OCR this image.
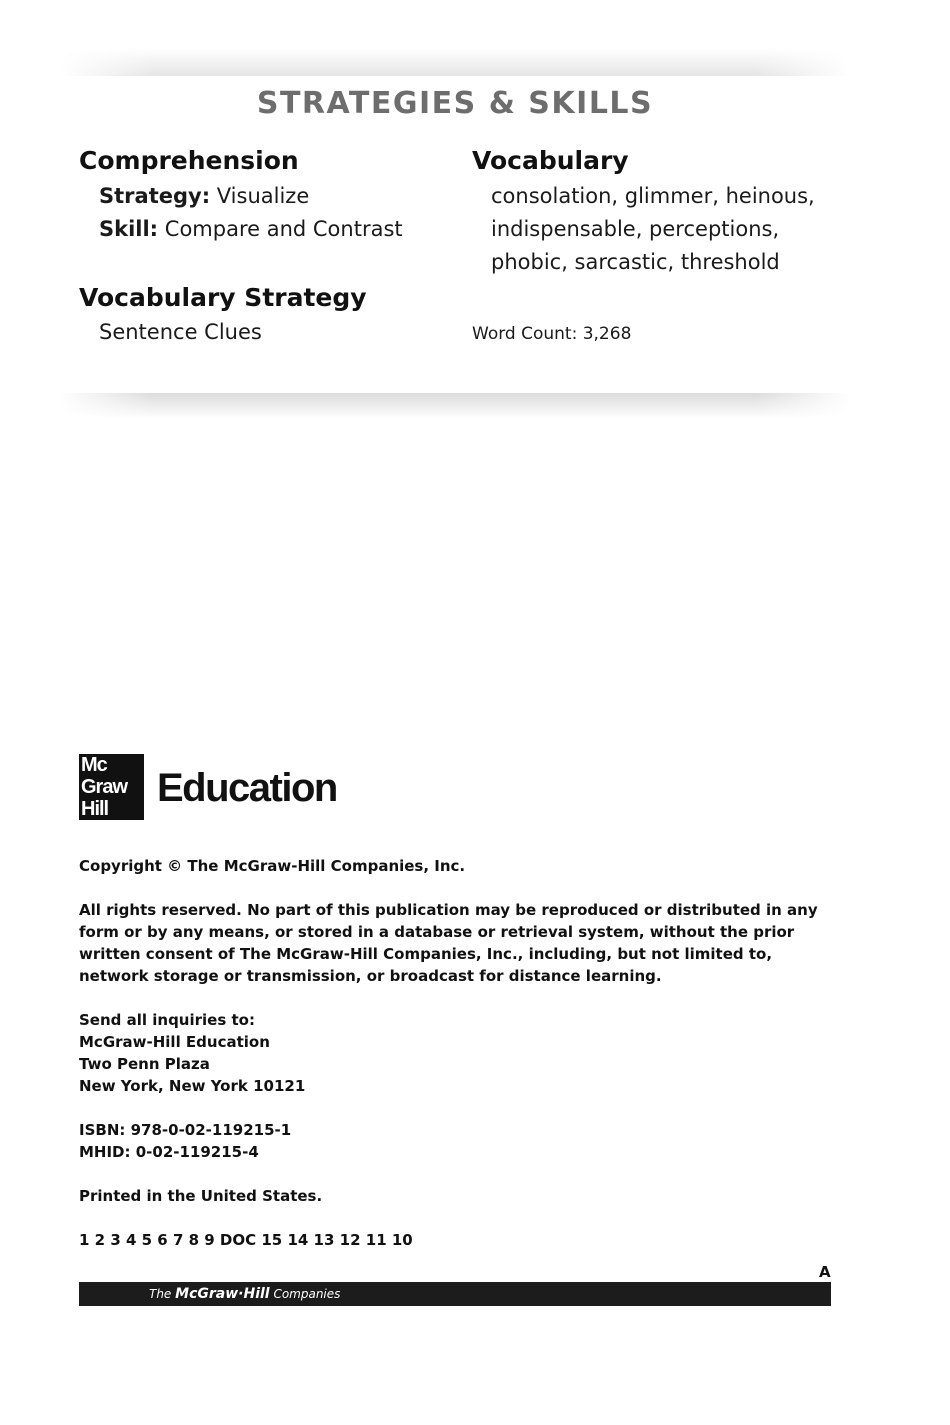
STRATEGIES & SKILLS
Comprehension
Strategy: Visualize
Skill: Compare and Contrast
Vocabulary Strategy
Sentence Clues
Vocabulary
consolation, glimmer, heinous,
indispensable, perceptions,
phobic, sarcastic, threshold
Word Count: 3,268
Mc
Graw
Hill Education

Copyright © The McGraw-Hill Companies, Inc.

All rights reserved. No part of this publication may be reproduced or distributed in any form or by any means, or stored in a database or retrieval system, without the prior written consent of The McGraw-Hill Companies, Inc., including, but not limited to, network storage or transmission, or broadcast for distance learning.

Send all inquiries to:

McGraw-Hill Education

Two Penn Plaza

New York, New York 10121

ISBN: 978-0-02-119215-1

MHID: 0-02-119215-4

Printed in the United States.

1 2 3 4 5 6 7 8 9 DOC 15 14 13 12 11 10

A
The McGraw·Hill Companies
